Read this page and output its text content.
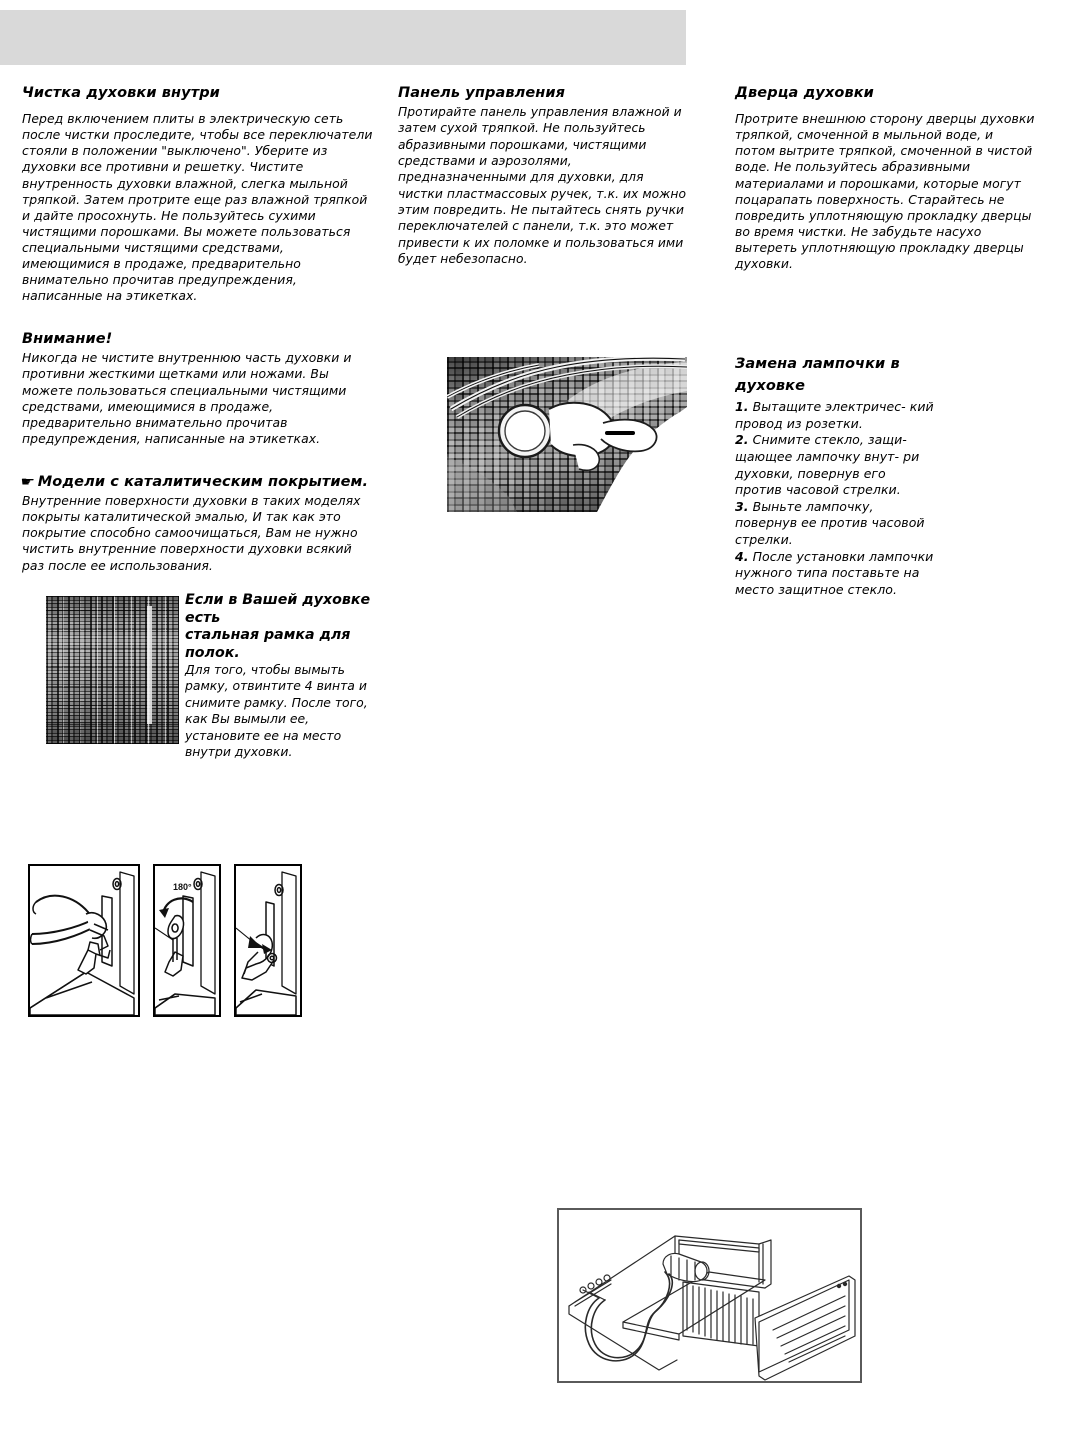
Чистка духовки внутри

Перед включением плиты в электрическую сеть после чистки проследите, чтобы все переключатели стояли в положении "выключено". Уберите из духовки все противни и решетку. Чистите внутренность духовки влажной, слегка мыльной тряпкой. Затем протрите еще раз влажной тряпкой и дайте просохнуть. Не пользуйтесь сухими чистящими порошками. Вы можете пользоваться специальными чистящими средствами, имеющимися в продаже, предварительно внимательно прочитав предупреждения, написанные на этикетках.

Внимание!

Никогда не чистите внутреннюю часть духовки и противни жесткими щетками или ножами. Вы можете пользоваться специальными чистящими средствами, имеющимися в продаже, предварительно внимательно прочитав предупреждения, написанные на этикетках.

☛ Модели с каталитическим покрытием.

Внутренние поверхности духовки в таких моделях покрыты каталитической эмалью, И так как это покрытие способно самоочищаться, Вам не нужно чистить внутренние поверхности духовки всякий раз после ее использования.

Если в Вашей духовке есть

стальная рамка для полок.

Для того, чтобы вымыть рамку, отвинтите 4 винта и снимите рамку. После того, как Вы вымыли ее, установите ее на место внутри духовки.

Панель управления

Протирайте панель управления влажной и затем сухой тряпкой. Не пользуйтесь абразивными порошками, чистящими средствами и аэрозолями, предназначенными для духовки, для чистки пластмассовых ручек, т.к. их можно этим повредить. Не пытайтесь снять ручки переключателей с панели, т.к. это может привести к их поломке и пользоваться ими будет небезопасно.

Дверца духовки

Протрите внешнюю сторону дверцы духовки тряпкой, смоченной в мыльной воде, и потом вытрите тряпкой, смоченной в чистой воде. Не пользуйтесь абразивными материалами и порошками, которые могут поцарапать поверхность. Старайтесь не повредить уплотняющую прокладку дверцы во время чистки. Не забудьте насухо вытереть уплотняющую прокладку дверцы духовки.

Замена лампочки в
духовке

1. Вытащите электричес- кий провод из розетки.

2. Снимите стекло, защи- щающее лампочку внут- ри духовки, повернув его против часовой стрелки.

3. Выньте лампочку, повернув ее против часовой стрелки.

4. После установки лампочки нужного типа поставьте на место защитное стекло.

180°
